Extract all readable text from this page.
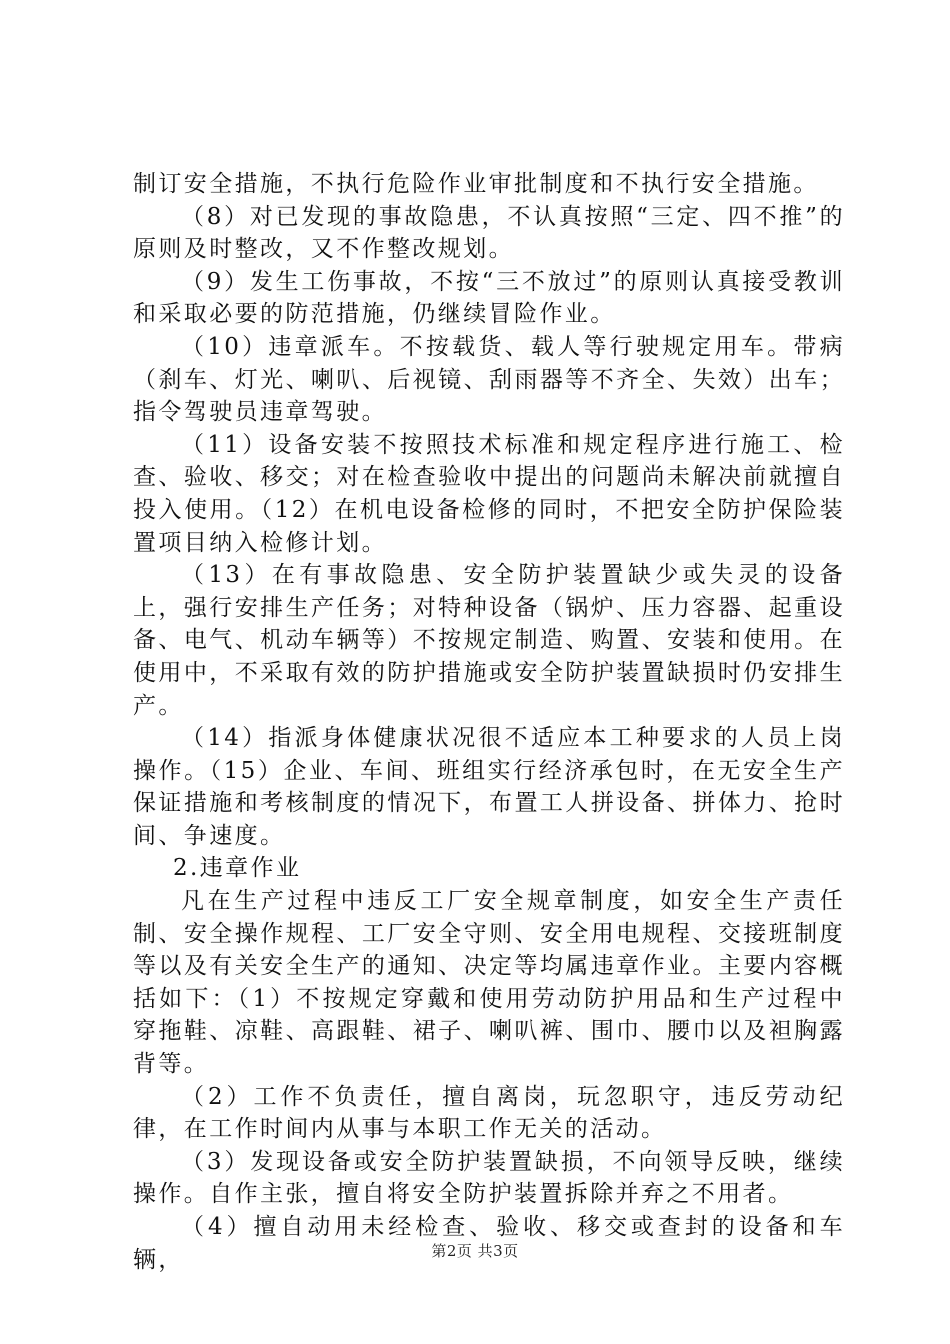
制订安全措施，不执行危险作业审批制度和不执行安全措施。

（8）对已发现的事故隐患，不认真按照“三定、四不推”的原则及时整改，又不作整改规划。

（9）发生工伤事故，不按“三不放过”的原则认真接受教训和采取必要的防范措施，仍继续冒险作业。

（10）违章派车。不按载货、载人等行驶规定用车。带病（刹车、灯光、喇叭、后视镜、刮雨器等不齐全、失效）出车；指令驾驶员违章驾驶。

（11）设备安装不按照技术标准和规定程序进行施工、检查、验收、移交；对在检查验收中提出的问题尚未解决前就擅自投入使用。（12）在机电设备检修的同时，不把安全防护保险装置项目纳入检修计划。

（13）在有事故隐患、安全防护装置缺少或失灵的设备上，强行安排生产任务；对特种设备（锅炉、压力容器、起重设备、电气、机动车辆等）不按规定制造、购置、安装和使用。在使用中，不采取有效的防护措施或安全防护装置缺损时仍安排生产。

（14）指派身体健康状况很不适应本工种要求的人员上岗操作。（15）企业、车间、班组实行经济承包时，在无安全生产保证措施和考核制度的情况下，布置工人拼设备、拼体力、抢时间、争速度。

2.违章作业

凡在生产过程中违反工厂安全规章制度，如安全生产责任制、安全操作规程、工厂安全守则、安全用电规程、交接班制度等以及有关安全生产的通知、决定等均属违章作业。主要内容概括如下：（1）不按规定穿戴和使用劳动防护用品和生产过程中穿拖鞋、凉鞋、高跟鞋、裙子、喇叭裤、围巾、腰巾以及袒胸露背等。

（2）工作不负责任，擅自离岗，玩忽职守，违反劳动纪律，在工作时间内从事与本职工作无关的活动。

（3）发现设备或安全防护装置缺损，不向领导反映，继续操作。自作主张，擅自将安全防护装置拆除并弃之不用者。

（4）擅自动用未经检查、验收、移交或查封的设备和车辆，	第2页 共3页
